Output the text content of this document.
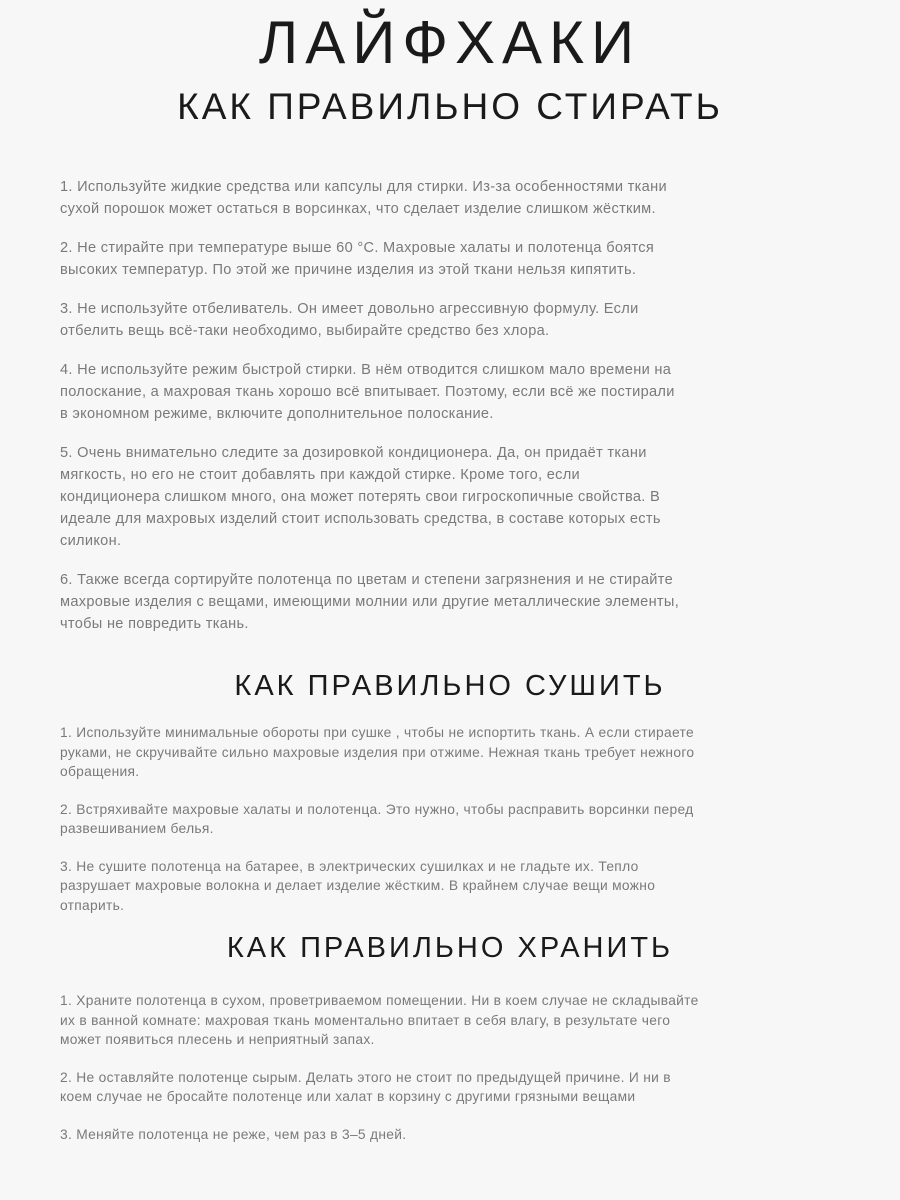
ЛАЙФХАКИ
КАК ПРАВИЛЬНО СТИРАТЬ
1. Используйте жидкие средства или капсулы для стирки. Из-за особенностями ткани
сухой порошок может остаться в ворсинках, что сделает изделие слишком жёстким.
2. Не стирайте при температуре выше 60 °С. Махровые халаты и полотенца боятся
высоких температур. По этой же причине изделия из этой ткани нельзя кипятить.
3. Не используйте отбеливатель. Он имеет довольно агрессивную формулу. Если
отбелить вещь всё-таки необходимо, выбирайте средство без хлора.
4. Не используйте режим быстрой стирки. В нём отводится слишком мало времени на
полоскание, а махровая ткань хорошо всё впитывает. Поэтому, если всё же постирали
в экономном режиме, включите дополнительное полоскание.
5. Очень внимательно следите за дозировкой кондиционера. Да, он придаёт ткани
мягкость, но его не стоит добавлять при каждой стирке. Кроме того, если
кондиционера слишком много, она может потерять свои гигроскопичные свойства. В
идеале для махровых изделий стоит использовать средства, в составе которых есть
силикон.
6. Также всегда сортируйте полотенца по цветам и степени загрязнения и не стирайте
махровые изделия с вещами, имеющими молнии или другие металлические элементы,
чтобы не повредить ткань.
КАК ПРАВИЛЬНО СУШИТЬ
1. Используйте минимальные обороты при сушке , чтобы не испортить ткань. А если стираете
руками, не скручивайте сильно махровые изделия при отжиме. Нежная ткань требует нежного
обращения.
2. Встряхивайте махровые халаты и полотенца. Это нужно, чтобы расправить ворсинки перед
развешиванием белья.
3. Не сушите полотенца на батарее, в электрических сушилках и не гладьте их. Тепло
разрушает махровые волокна и делает изделие жёстким. В крайнем случае вещи можно
отпарить.
КАК ПРАВИЛЬНО ХРАНИТЬ
1. Храните полотенца в сухом, проветриваемом помещении. Ни в коем случае не складывайте
их в ванной комнате: махровая ткань моментально впитает в себя влагу, в результате чего
может появиться плесень и неприятный запах.
2. Не оставляйте полотенце сырым. Делать этого не стоит по предыдущей причине. И ни в
коем случае не бросайте полотенце или халат в корзину с другими грязными вещами
3. Меняйте полотенца не реже, чем раз в 3–5 дней.
